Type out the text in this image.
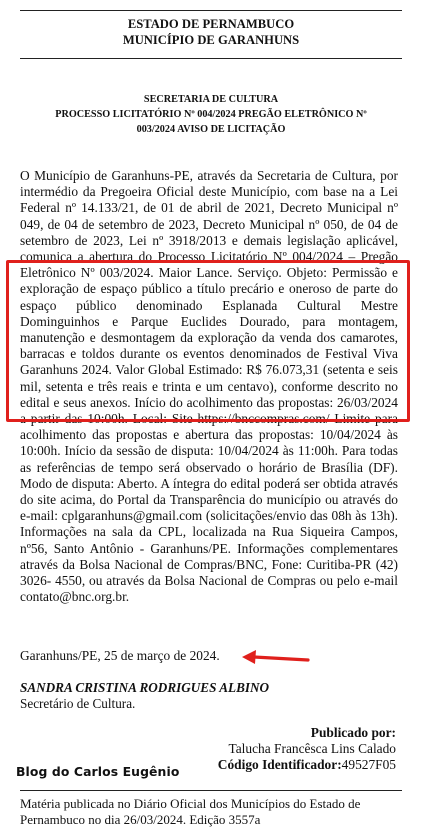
ESTADO DE PERNAMBUCO
MUNICÍPIO DE GARANHUNS
SECRETARIA DE CULTURA
PROCESSO LICITATÓRIO Nº 004/2024 PREGÃO ELETRÔNICO Nº
003/2024 AVISO DE LICITAÇÃO

O Município de Garanhuns-PE, através da Secretaria de Cultura, por intermédio da Pregoeira Oficial deste Município, com base na a Lei Federal nº 14.133/21, de 01 de abril de 2021, Decreto Municipal nº 049, de 04 de setembro de 2023, Decreto Municipal nº 050, de 04 de setembro de 2023, Lei nº 3918/2013 e demais legislação aplicável, comunica a abertura do Processo Licitatório Nº 004/2024 – Pregão Eletrônico Nº 003/2024. Maior Lance. Serviço. Objeto: Permissão e exploração de espaço público a título precário e oneroso de parte do espaço público denominado Esplanada Cultural Mestre Dominguinhos e Parque Euclides Dourado, para montagem, manutenção e desmontagem da exploração da venda dos camarotes, barracas e toldos durante os eventos denominados de Festival Viva Garanhuns 2024. Valor Global Estimado: R$ 76.073,31 (setenta e seis mil, setenta e três reais e trinta e um centavo), conforme descrito no edital e seus anexos. Início do acolhimento das propostas: 26/03/2024 a partir das 10:00h. Local: Site https://bnccompras.com/ Limite para acolhimento das propostas e abertura das propostas: 10/04/2024 às 10:00h. Início da sessão de disputa: 10/04/2024 às 11:00h. Para todas as referências de tempo será observado o horário de Brasília (DF). Modo de disputa: Aberto. A íntegra do edital poderá ser obtida através do site acima, do Portal da Transparência do município ou através do e-mail: cplgaranhuns@gmail.com (solicitações/envio das 08h às 13h). Informações na sala da CPL, localizada na Rua Siqueira Campos, nº56, Santo Antônio - Garanhuns/PE. Informações complementares através da Bolsa Nacional de Compras/BNC, Fone: Curitiba-PR (42) 3026- 4550, ou através da Bolsa Nacional de Compras ou pelo e-mail contato@bnc.org.br.

Garanhuns/PE, 25 de março de 2024.
SANDRA CRISTINA RODRIGUES ALBINO
Secretário de Cultura.
Publicado por:
Talucha Francêsca Lins Calado
Código Identificador:49527F05
Blog do Carlos Eugênio
Matéria publicada no Diário Oficial dos Municípios do Estado de Pernambuco no dia 26/03/2024. Edição 3557a
